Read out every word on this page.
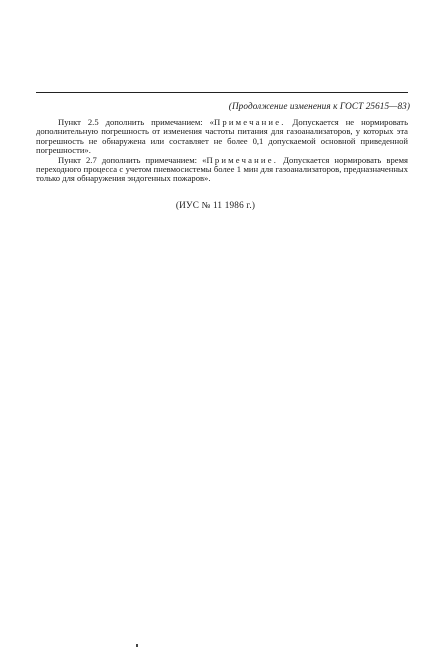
(Продолжение изменения к ГОСТ 25615—83)

Пункт 2.5 дополнить примечанием: «Примечание. Допускается не нормировать дополнительную погрешность от изменения частоты питания для газоанализаторов, у которых эта погрешность не обнаружена или составляет не более 0,1 допускаемой основной приведенной погрешности».

Пункт 2.7 дополнить примечанием: «Примечание. Допускается нормировать время переходного процесса с учетом пневмосистемы более 1 мин для газоанализаторов, предназначенных только для обнаружения эндогенных пожаров».

(ИУС № 11 1986 г.)
